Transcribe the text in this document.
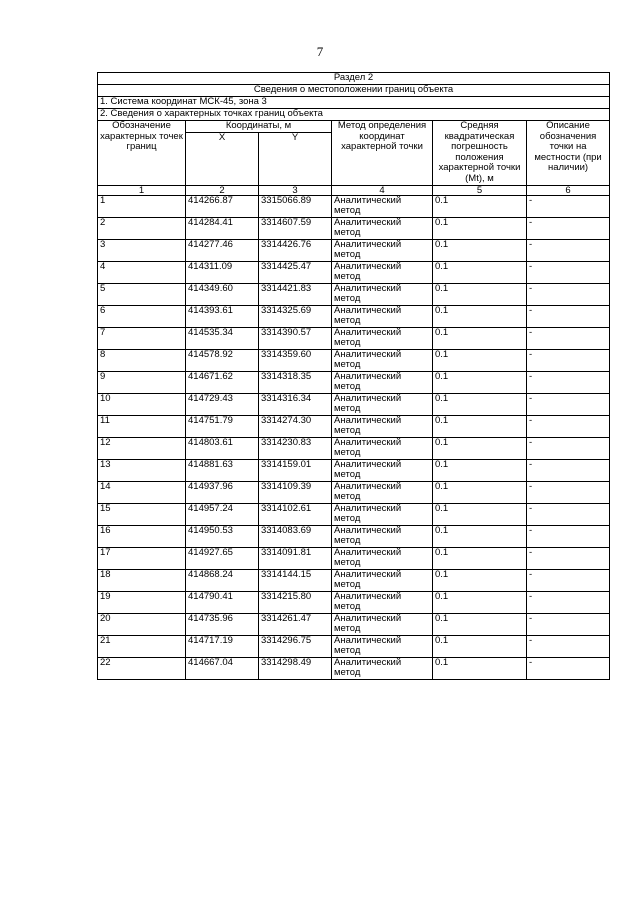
7
Раздел 2					
Сведения о местоположении границ объекта					
1. Система координат МСК-45, зона 3					
2. Сведения о характерных точках границ объекта					
Обозначение характерных точек границ	Координаты, м		Метод определения координат характерной точки	Средняя квадратическая погрешность положения характерной точки (Mt), м	Описание обозначения точки на местности (при наличии)
	X	Y			
1	2	3	4	5	6
1	414266.87	3315066.89	Аналитический метод	0.1	-
2	414284.41	3314607.59	Аналитический метод	0.1	-
3	414277.46	3314426.76	Аналитический метод	0.1	-
4	414311.09	3314425.47	Аналитический метод	0.1	-
5	414349.60	3314421.83	Аналитический метод	0.1	-
6	414393.61	3314325.69	Аналитический метод	0.1	-
7	414535.34	3314390.57	Аналитический метод	0.1	-
8	414578.92	3314359.60	Аналитический метод	0.1	-
9	414671.62	3314318.35	Аналитический метод	0.1	-
10	414729.43	3314316.34	Аналитический метод	0.1	-
11	414751.79	3314274.30	Аналитический метод	0.1	-
12	414803.61	3314230.83	Аналитический метод	0.1	-
13	414881.63	3314159.01	Аналитический метод	0.1	-
14	414937.96	3314109.39	Аналитический метод	0.1	-
15	414957.24	3314102.61	Аналитический метод	0.1	-
16	414950.53	3314083.69	Аналитический метод	0.1	-
17	414927.65	3314091.81	Аналитический метод	0.1	-
18	414868.24	3314144.15	Аналитический метод	0.1	-
19	414790.41	3314215.80	Аналитический метод	0.1	-
20	414735.96	3314261.47	Аналитический метод	0.1	-
21	414717.19	3314296.75	Аналитический метод	0.1	-
22	414667.04	3314298.49	Аналитический метод	0.1	-
